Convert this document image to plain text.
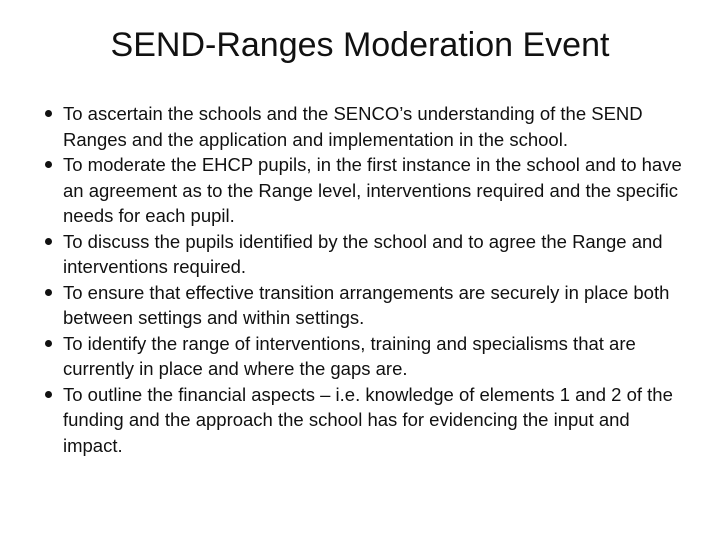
SEND-Ranges Moderation Event
To ascertain the schools and the SENCO’s understanding of the SEND Ranges and the application and implementation in the school.
To moderate the EHCP pupils, in the first instance in the school and to have an agreement as to the Range level, interventions required and the specific needs for each pupil.
To discuss the pupils identified by the school and to agree the Range and interventions required.
To ensure that effective transition arrangements are securely in place both between settings and within settings.
To identify the range of interventions, training and specialisms that are currently in place and where the gaps are.
To outline the financial aspects – i.e. knowledge of elements 1 and 2 of the funding and the approach the school has for evidencing the input and impact.
